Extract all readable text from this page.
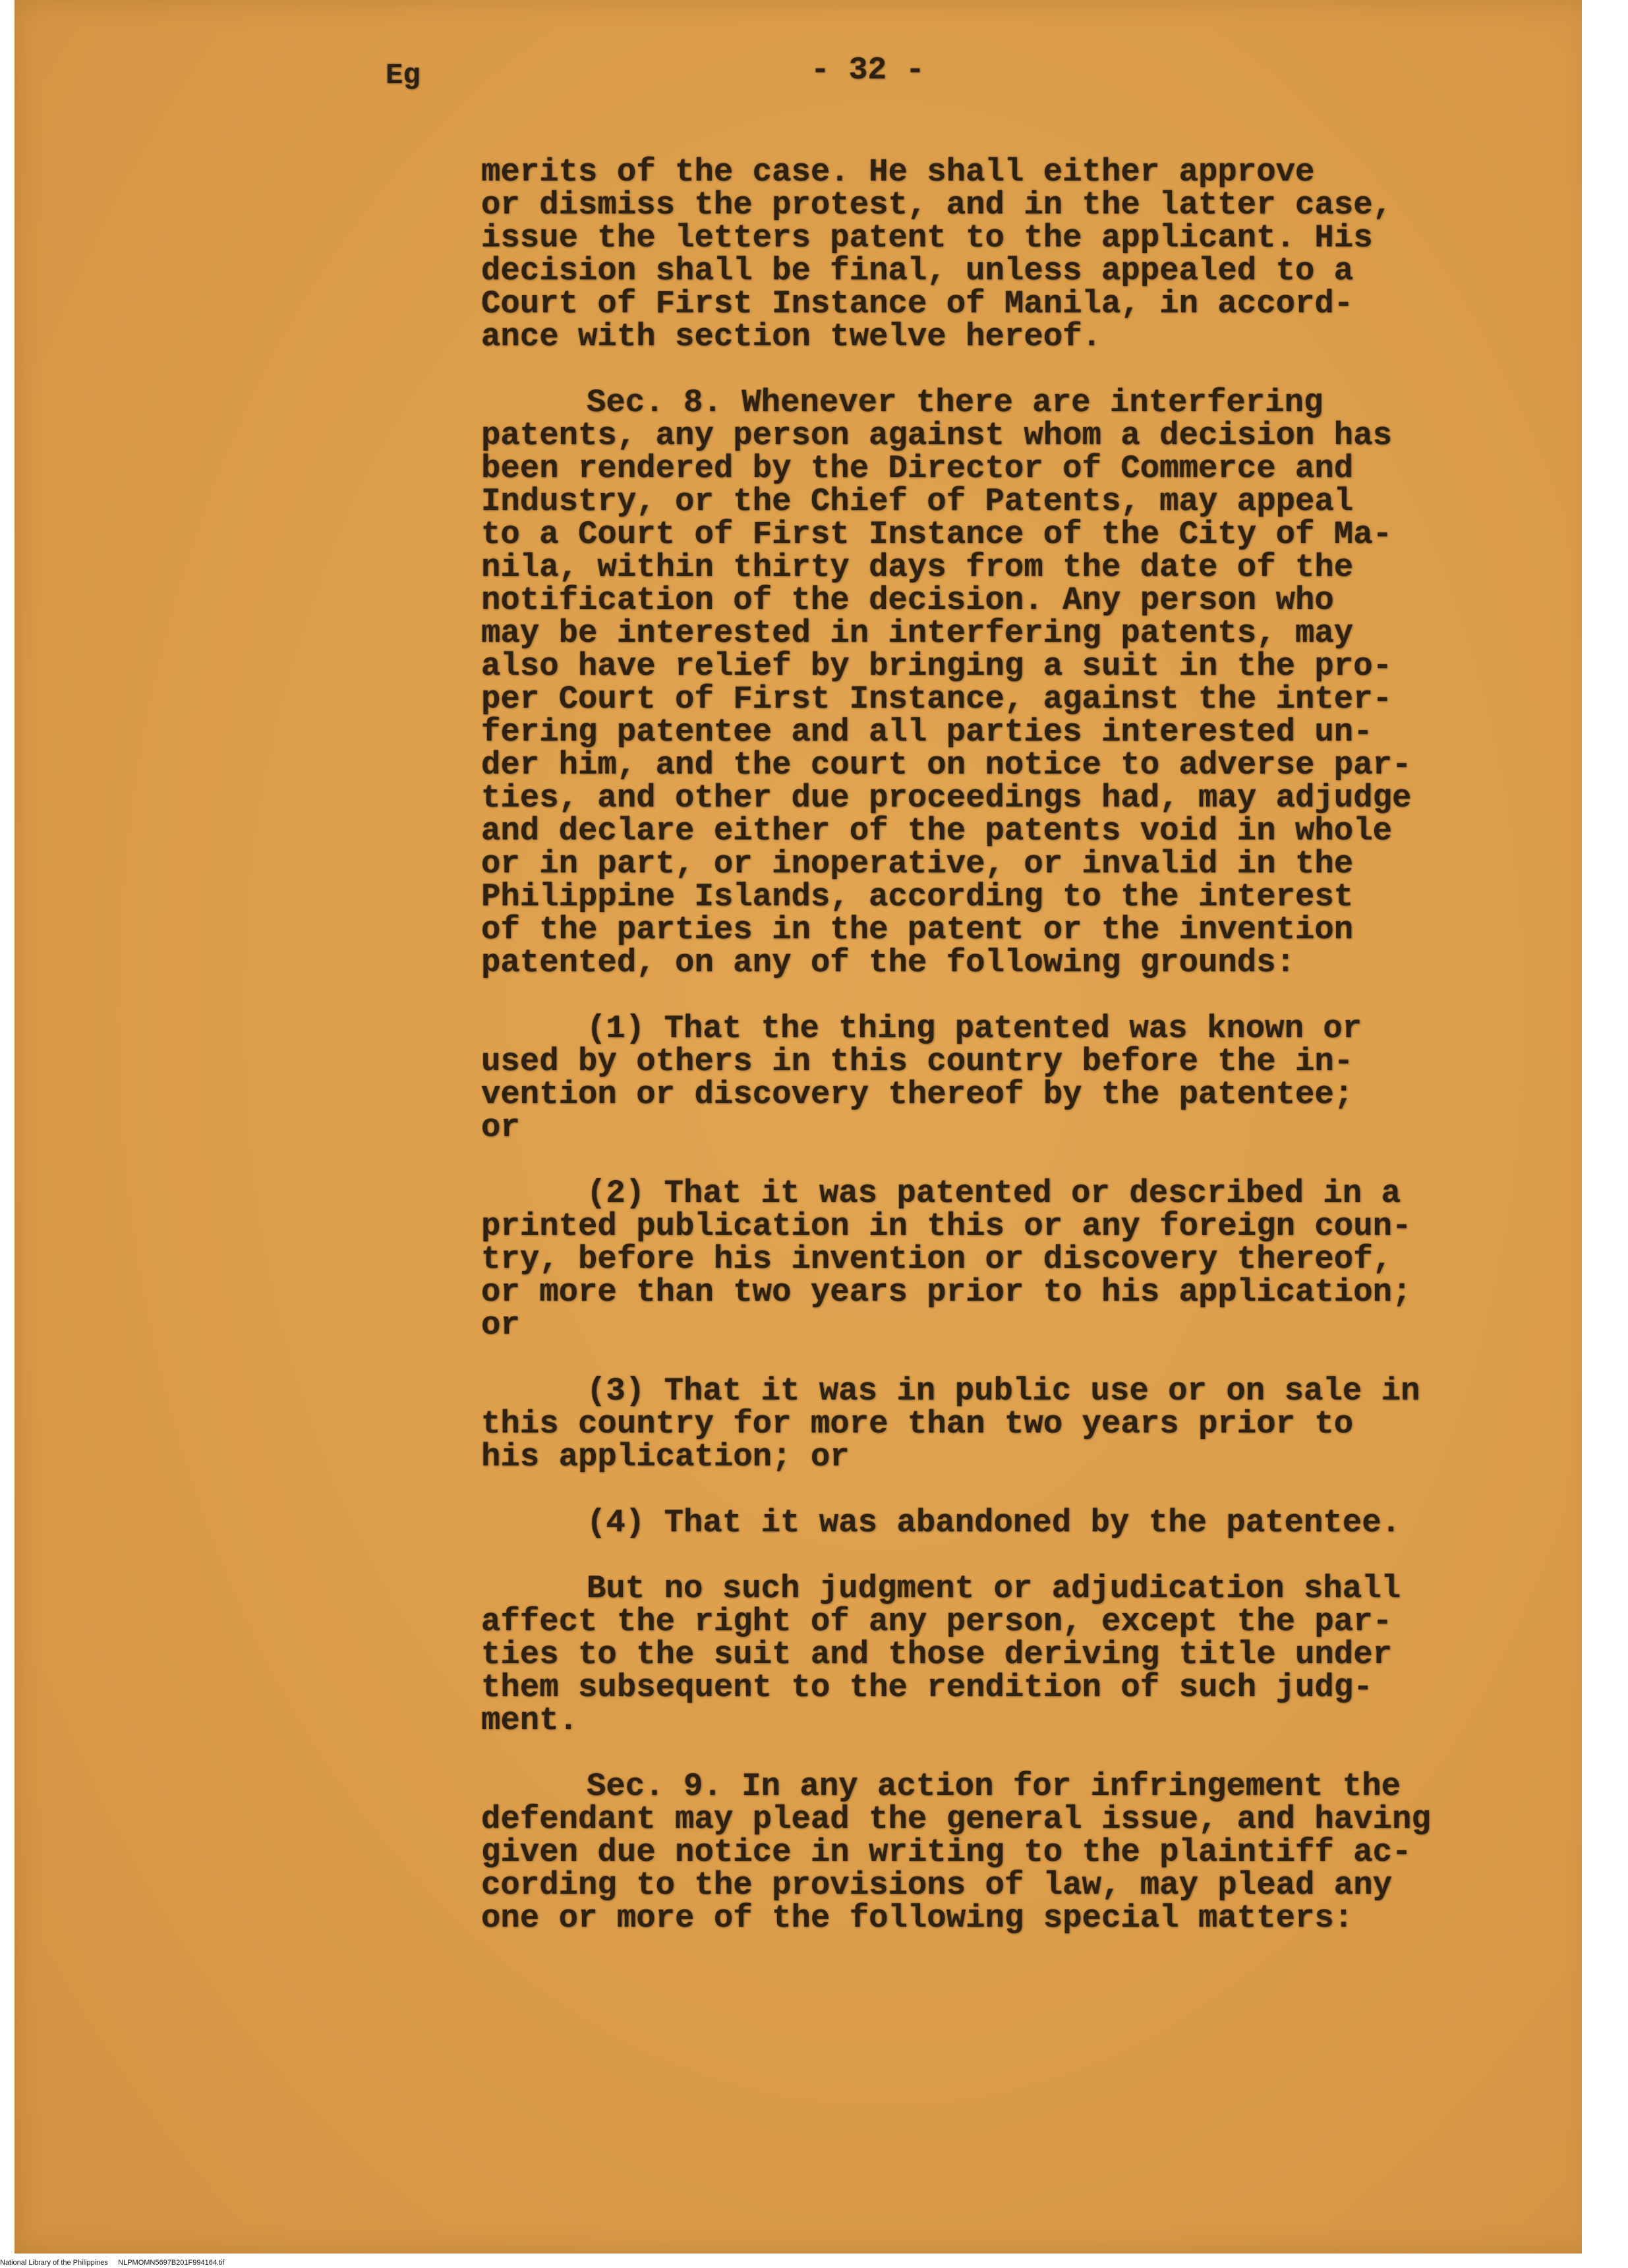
Eg	- 32 -
merits of the case. He shall either approve
or dismiss the protest, and in the latter case,
issue the letters patent to the applicant. His
decision shall be final, unless appealed to a
Court of First Instance of Manila, in accord-
ance with section twelve hereof.
Sec. 8. Whenever there are interfering
patents, any person against whom a decision has
been rendered by the Director of Commerce and
Industry, or the Chief of Patents, may appeal
to a Court of First Instance of the City of Ma-
nila, within thirty days from the date of the
notification of the decision. Any person who
may be interested in interfering patents, may
also have relief by bringing a suit in the pro-
per Court of First Instance, against the inter-
fering patentee and all parties interested un-
der him, and the court on notice to adverse par-
ties, and other due proceedings had, may adjudge
and declare either of the patents void in whole
or in part, or inoperative, or invalid in the
Philippine Islands, according to the interest
of the parties in the patent or the invention
patented, on any of the following grounds:
(1) That the thing patented was known or
used by others in this country before the in-
vention or discovery thereof by the patentee;
or
(2) That it was patented or described in a
printed publication in this or any foreign coun-
try, before his invention or discovery thereof,
or more than two years prior to his application;
or
(3) That it was in public use or on sale in
this country for more than two years prior to
his application; or
(4) That it was abandoned by the patentee.
But no such judgment or adjudication shall
affect the right of any person, except the par-
ties to the suit and those deriving title under
them subsequent to the rendition of such judg-
ment.
Sec. 9. In any action for infringement the
defendant may plead the general issue, and having
given due notice in writing to the plaintiff ac-
cording to the provisions of law, may plead any
one or more of the following special matters:
National Library of the Philippines     NLPMOMN5697B201F994164.tif
